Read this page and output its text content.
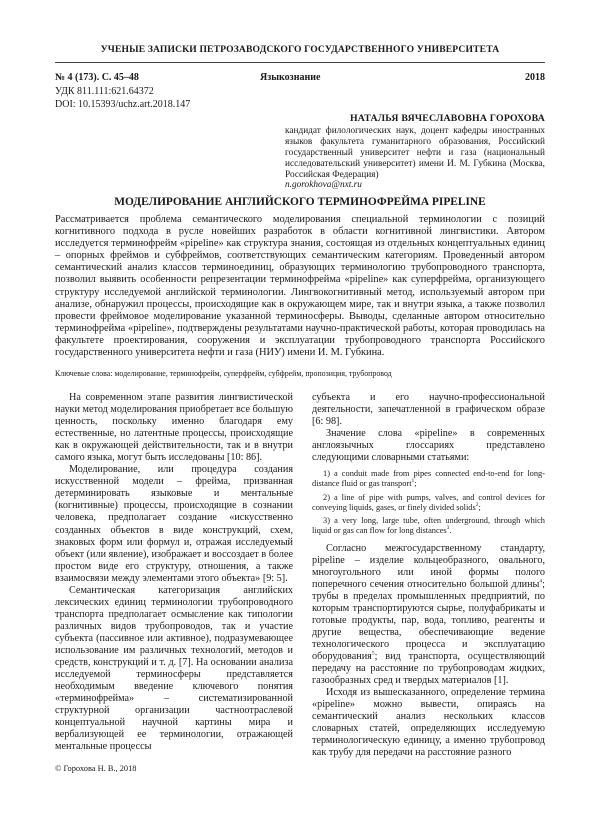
УЧЕНЫЕ ЗАПИСКИ ПЕТРОЗАВОДСКОГО ГОСУДАРСТВЕННОГО УНИВЕРСИТЕТА
№ 4 (173). С. 45–48	Языкознание	2018
УДК 811.111:621.64372
DOI: 10.15393/uchz.art.2018.147
НАТАЛЬЯ ВЯЧЕСЛАВОВНА ГОРОХОВА
кандидат филологических наук, доцент кафедры иностранных языков факультета гуманитарного образования, Российский государственный университет нефти и газа (национальный исследовательский университет) имени И. М. Губкина (Москва, Российская Федерация)
n.gorokhova@nxt.ru
МОДЕЛИРОВАНИЕ АНГЛИЙСКОГО ТЕРМИНОФРЕЙМА PIPELINE
Рассматривается проблема семантического моделирования специальной терминологии с позиций когнитивного подхода в русле новейших разработок в области когнитивной лингвистики. Автором исследуется терминофрейм «pipeline» как структура знания, состоящая из отдельных концептуальных единиц – опорных фреймов и субфреймов, соответствующих семантическим категориям. Проведенный автором семантический анализ классов терминоединиц, образующих терминологию трубопроводного транспорта, позволил выявить особенности репрезентации терминофрейма «pipeline» как суперфрейма, организующего структуру исследуемой английской терминологии. Лингвокогнитивный метод, используемый автором при анализе, обнаружил процессы, происходящие как в окружающем мире, так и внутри языка, а также позволил провести фреймовое моделирование указанной терминосферы. Выводы, сделанные автором относительно терминофрейма «pipeline», подтверждены результатами научно-практической работы, которая проводилась на факультете проектирования, сооружения и эксплуатации трубопроводного транспорта Российского государственного университета нефти и газа (НИУ) имени И. М. Губкина.
Ключевые слова: моделирование, терминофрейм, суперфрейм, субфрейм, пропозиция, трубопровод

На современном этапе развития лингвистической науки метод моделирования приобретает все большую ценность, поскольку именно благодаря ему естественные, но латентные процессы, происходящие как в окружающей действительности, так и в внутри самого языка, могут быть исследованы [10: 86].

Моделирование, или процедура создания искусственной модели – фрейма, призванная детерминировать языковые и ментальные (когнитивные) процессы, происходящие в сознании человека, предполагает создание «искусственно созданных объектов в виде конструкций, схем, знаковых форм или формул и, отражая исследуемый объект (или явление), изображает и воссоздает в более простом виде его структуру, отношения, а также взаимосвязи между элементами этого объекта» [9: 5].

Семантическая категоризация английских лексических единиц терминологии трубопроводного транспорта предполагает осмысление как типологии различных видов трубопроводов, так и участие субъекта (пассивное или активное), подразумевающее использование им различных технологий, методов и средств, конструкций и т. д. [7]. На основании анализа исследуемой терминосферы представляется необходимым введение ключевого понятия «терминофрейма» – систематизированной структурной организации частноотраслевой концептуальной научной картины мира и вербализующей ее терминологии, отражающей ментальные процессы

субъекта и его научно-профессиональной деятельности, запечатленной в графическом образе [6: 98].

Значение слова «pipeline» в современных англоязычных глоссариях представлено следующими словарными статьями:

1) a conduit made from pipes connected end-to-end for long-distance fluid or gas transport$^1$;

2) a line of pipe with pumps, valves, and control devices for conveying liquids, gases, or finely divided solids$^2$;

3) a very long, large tube, often underground, through which liquid or gas can flow for long distances$^3$.

Согласно межгосударственному стандарту, pipeline – изделие кольцеобразного, овального, многоугольного или иной формы полого поперечного сечения относительно большой длины$^4$; трубы в пределах промышленных предприятий, по которым транспортируются сырье, полуфабрикаты и готовые продукты, пар, вода, топливо, реагенты и другие вещества, обеспечивающие ведение технологического процесса и эксплуатацию оборудования$^5$; вид транспорта, осуществляющий передачу на расстояние по трубопроводам жидких, газообразных сред и твердых материалов [1].

Исходя из вышесказанного, определение термина «pipeline» можно вывести, опираясь на семантический анализ нескольких классов словарных статей, определяющих исследуемую терминологическую единицу, а именно трубопровод как трубу для передачи на расстояние разного

© Горохова Н. В., 2018
